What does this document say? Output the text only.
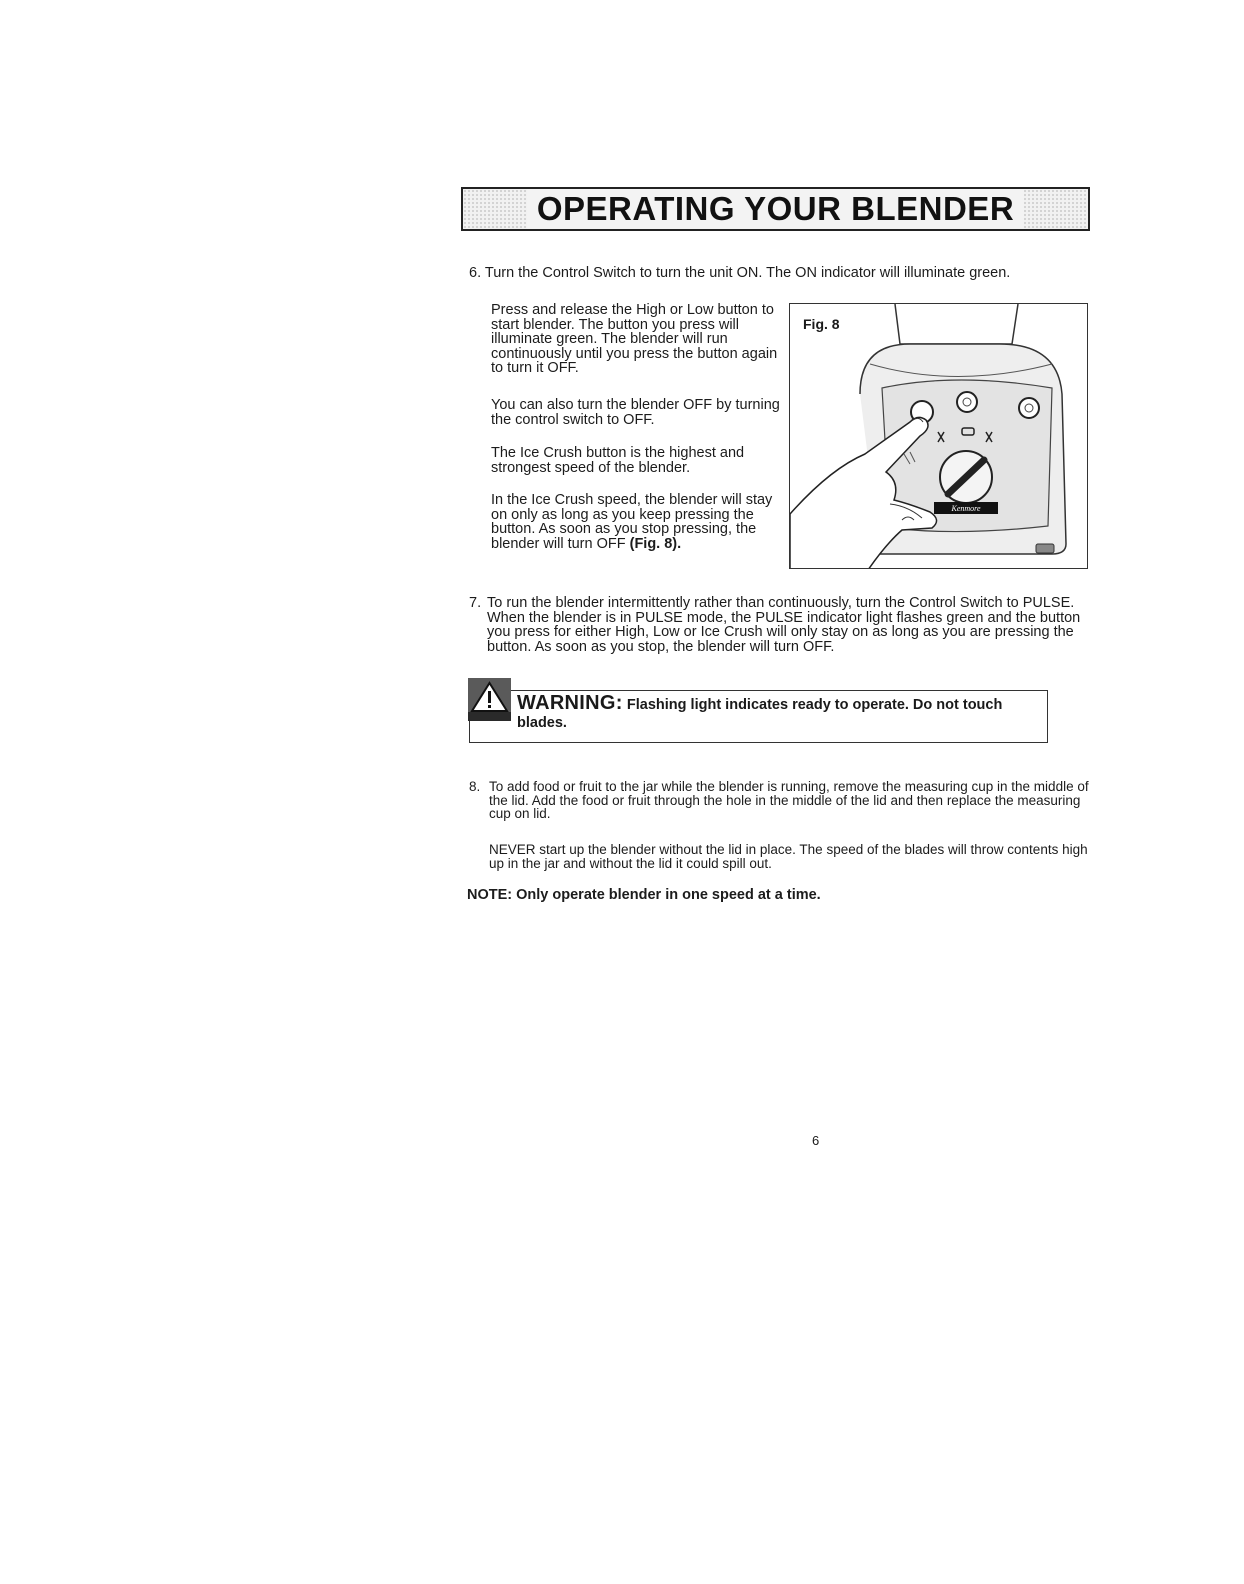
OPERATING YOUR BLENDER
6. Turn the Control Switch to turn the unit ON. The ON indicator will illuminate green.
Press and release the High or Low button to start blender. The button you press will illuminate green. The blender will run continuously until you press the button again to turn it OFF.
You can also turn the blender OFF by turning the control switch to OFF.
The Ice Crush button is the highest and strongest speed of the blender.
In the Ice Crush speed, the blender will stay on only as long as you keep pressing the button. As soon as you stop pressing, the blender will turn OFF (Fig. 8).
Kenmore
Fig. 8
7. To run the blender intermittently rather than continuously, turn the Control Switch to PULSE. When the blender is in PULSE mode, the PULSE indicator light flashes green and the button you press for either High, Low or Ice Crush will only stay on as long as you are pressing the button. As soon as you stop, the blender will turn OFF.
WARNING: Flashing light indicates ready to operate. Do not touch blades.
8. To add food or fruit to the jar while the blender is running, remove the measuring cup in the middle of the lid. Add the food or fruit through the hole in the middle of the lid and then replace the measuring cup on lid.
NEVER start up the blender without the lid in place. The speed of the blades will throw contents high up in the jar and without the lid it could spill out.
NOTE: Only operate blender in one speed at a time.
6
